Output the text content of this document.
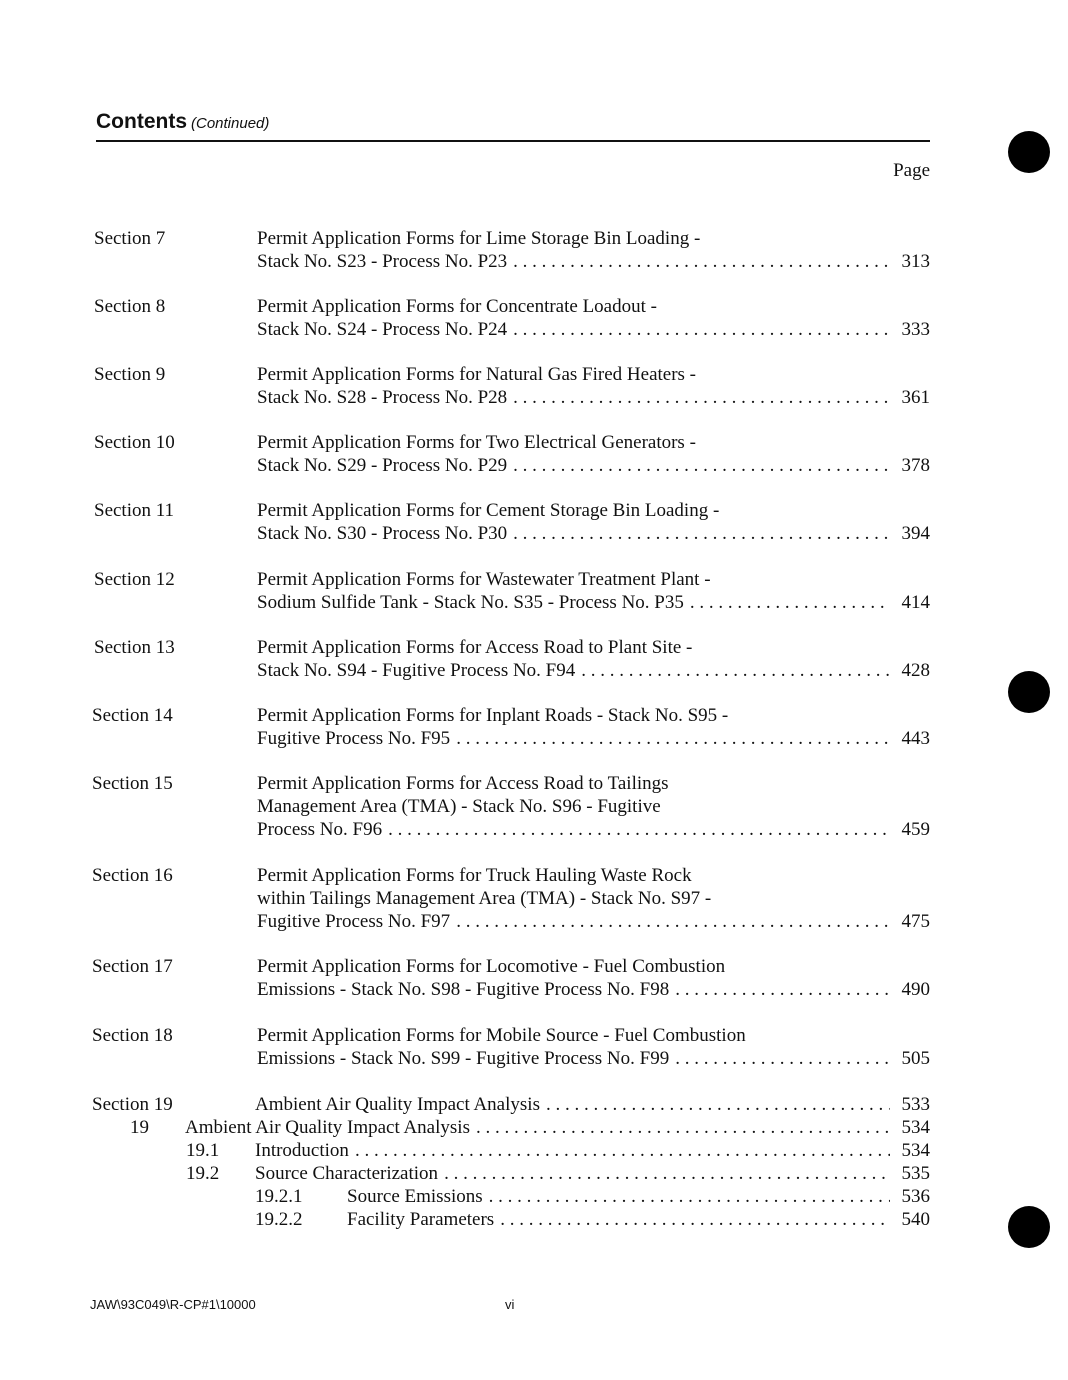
Contents (Continued)
Page
Section 7	Permit Application Forms for Lime Storage Bin Loading -
Stack No. S23 - Process No. P23 . . .	313
Section 8	Permit Application Forms for Concentrate Loadout -
Stack No. S24 - Process No. P24 . . .	333
Section 9	Permit Application Forms for Natural Gas Fired Heaters -
Stack No. S28 - Process No. P28 . . .	361
Section 10	Permit Application Forms for Two Electrical Generators -
Stack No. S29 - Process No. P29 . . .	378
Section 11	Permit Application Forms for Cement Storage Bin Loading -
Stack No. S30 - Process No. P30 . . .	394
Section 12	Permit Application Forms for Wastewater Treatment Plant -
Sodium Sulfide Tank - Stack No. S35 - Process No. P35 . . .	414
Section 13	Permit Application Forms for Access Road to Plant Site -
Stack No. S94 - Fugitive Process No. F94 . . .	428
Section 14	Permit Application Forms for Inplant Roads - Stack No. S95 -
Fugitive Process No. F95 . . .	443
Section 15	Permit Application Forms for Access Road to Tailings
Management Area (TMA) - Stack No. S96 - Fugitive
Process No. F96 . . .	459
Section 16	Permit Application Forms for Truck Hauling Waste Rock
within Tailings Management Area (TMA) - Stack No. S97 -
Fugitive Process No. F97 . . .	475
Section 17	Permit Application Forms for Locomotive - Fuel Combustion
Emissions - Stack No. S98 - Fugitive Process No. F98 . . .	490
Section 18	Permit Application Forms for Mobile Source - Fuel Combustion
Emissions - Stack No. S99 - Fugitive Process No. F99 . . .	505
Section 19	Ambient Air Quality Impact Analysis . . .	533
19 Ambient Air Quality Impact Analysis . . .	534
19.1 Introduction . . .	534
19.2 Source Characterization . . .	535
19.2.1 Source Emissions . . .	536
19.2.2 Facility Parameters . . .	540
JAW\93C049\R-CP#1\10000	vi
